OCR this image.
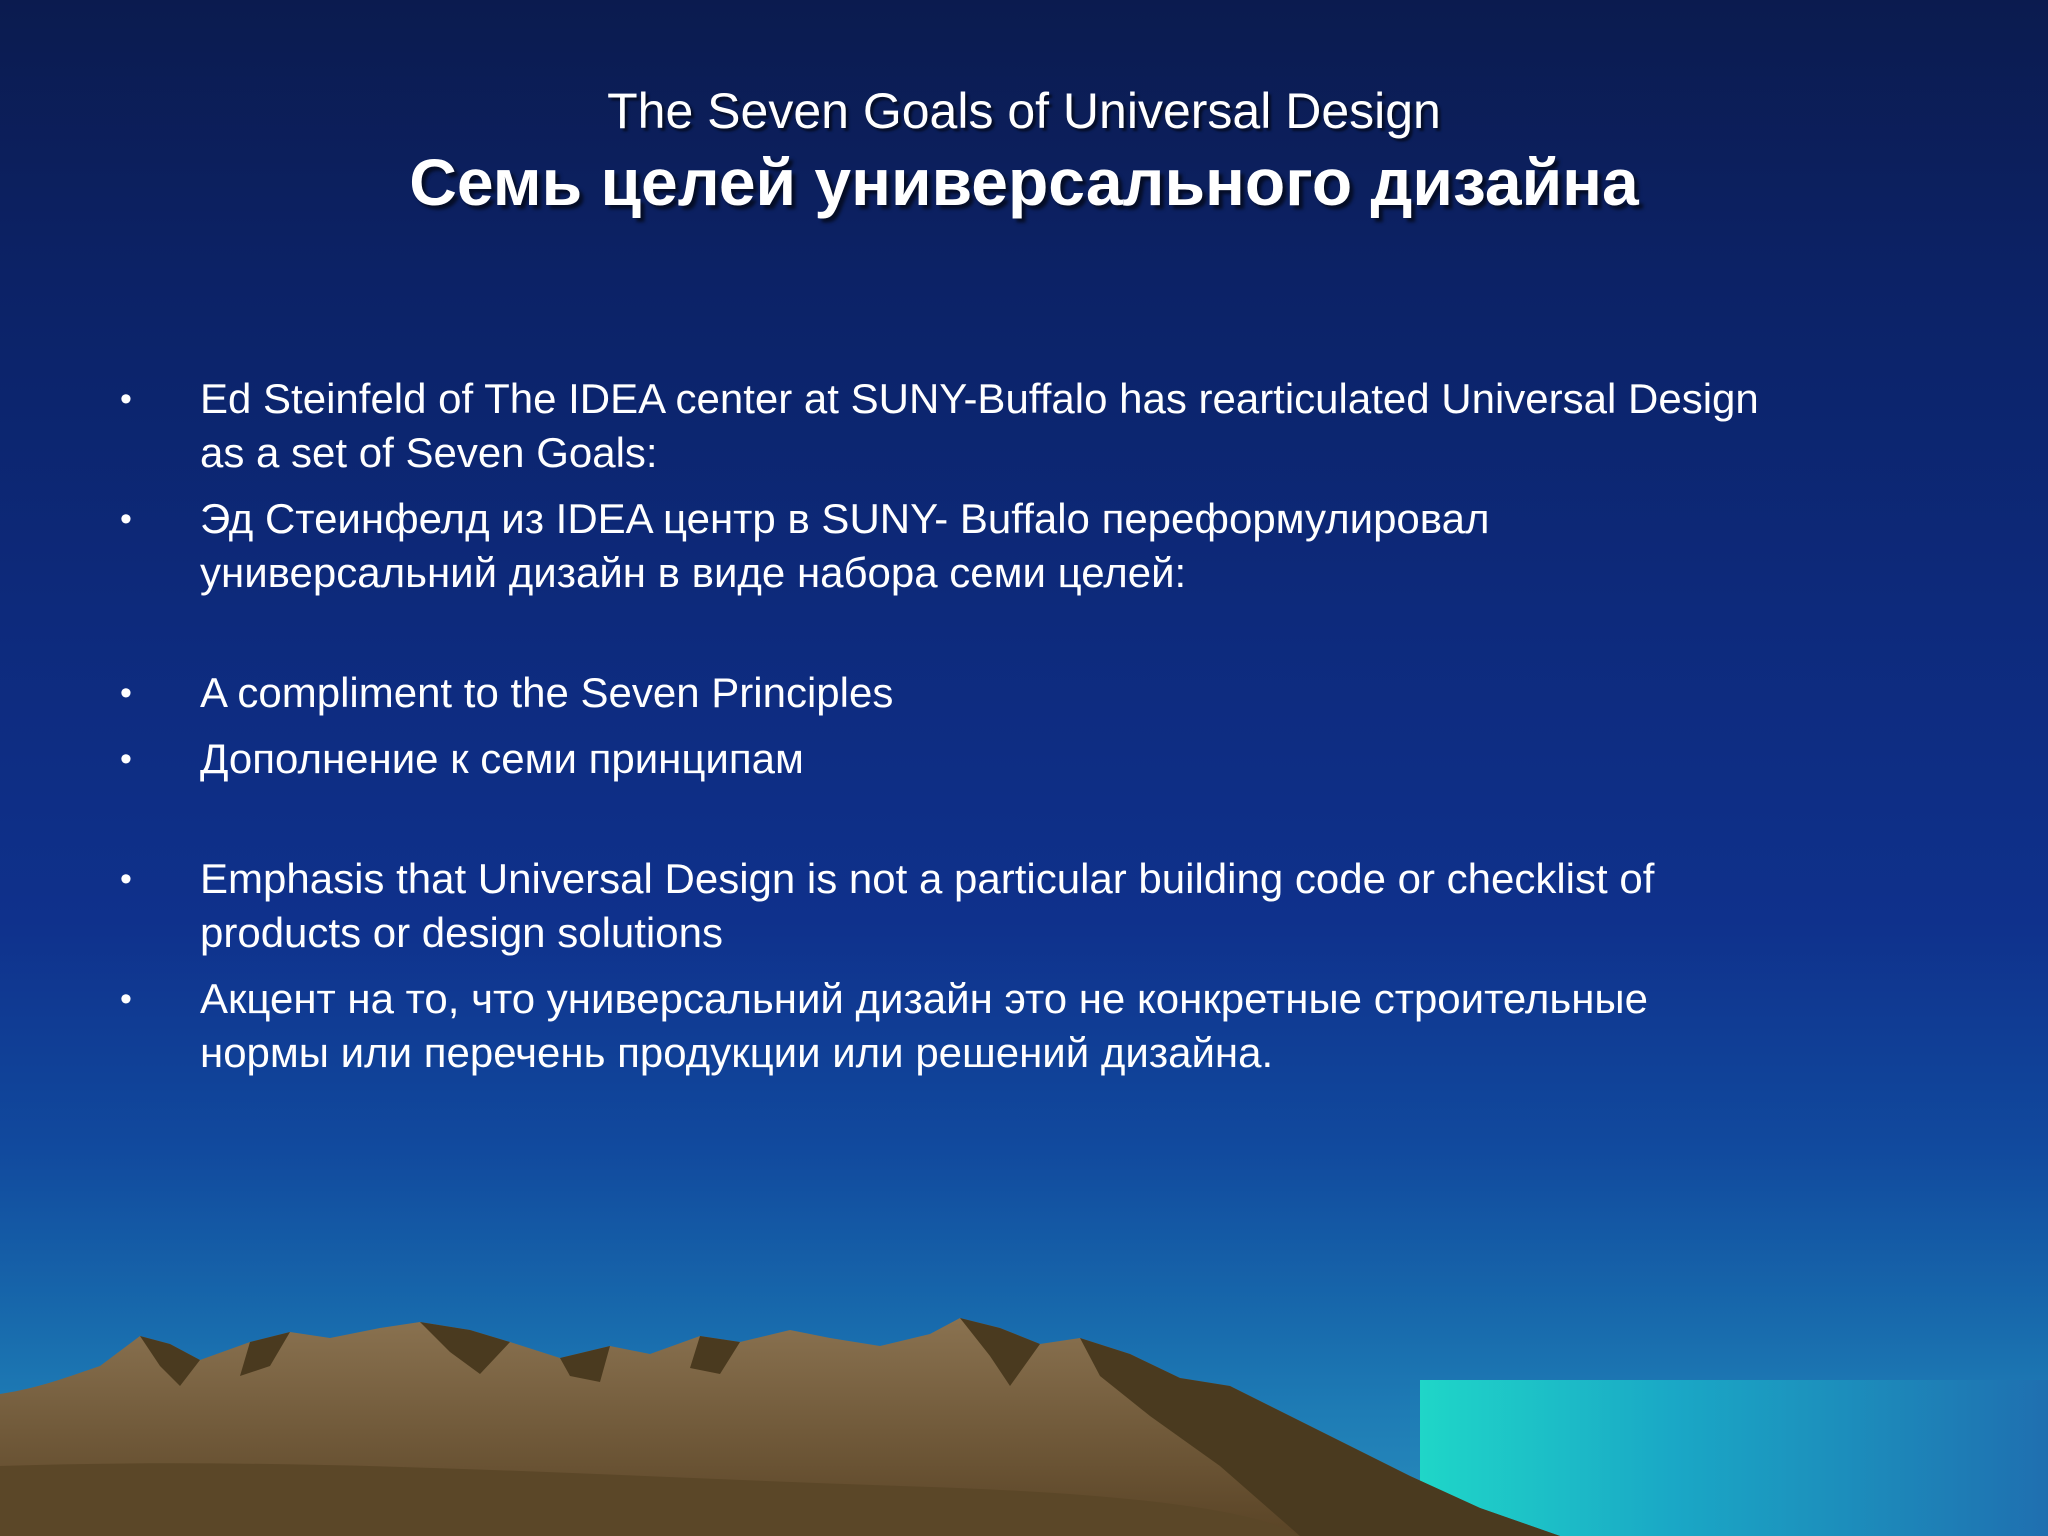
The Seven Goals of Universal Design
Семь целей универсального дизайна
•	Ed Steinfeld of The IDEA center at SUNY-Buffalo has rearticulated Universal Design
as a set of Seven Goals:
•	Эд Стеинфелд из IDEA центр в SUNY- Buffalo переформулировал
универсальний дизайн в виде набора семи целей:
•	A compliment to the Seven Principles
•	Дополнение к семи принципам
•	Emphasis that Universal Design is not a particular building code or checklist of
products or design solutions
•	Акцент на то, что универсальний дизайн это не конкретные строительные
нормы или перечень продукции или решений дизайна.
